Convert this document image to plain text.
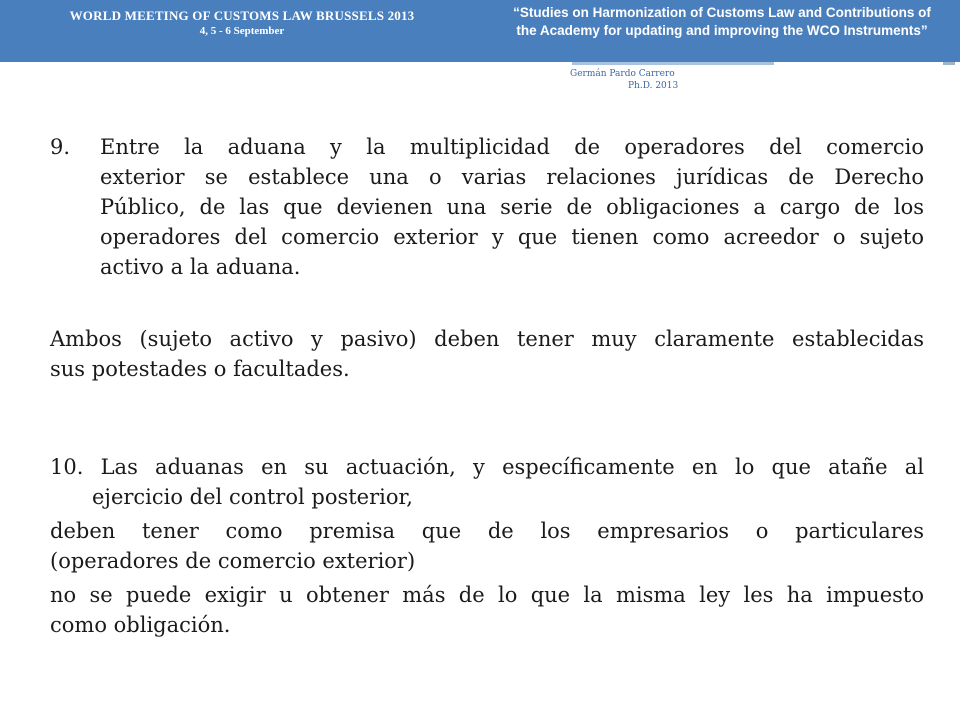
WORLD MEETING OF CUSTOMS LAW BRUSSELS 2013
4, 5 - 6 September
“Studies on Harmonization of Customs Law and Contributions of
the Academy for updating and improving the WCO Instruments”
Germán Pardo Carrero
Ph.D. 2013
9. Entre la aduana y la multiplicidad de operadores del comercio
exterior se establece una o varias relaciones jurídicas de Derecho
Público, de las que devienen una serie de obligaciones a cargo de los
operadores del comercio exterior y que tienen como acreedor o sujeto
activo a la aduana.
Ambos (sujeto activo y pasivo) deben tener muy claramente establecidas
sus potestades o facultades.
10. Las aduanas en su actuación, y específicamente en lo que atañe al
ejercicio del control posterior,
deben tener como premisa que de los empresarios o particulares
(operadores de comercio exterior)
no se puede exigir u obtener más de lo que la misma ley les ha impuesto
como obligación.
